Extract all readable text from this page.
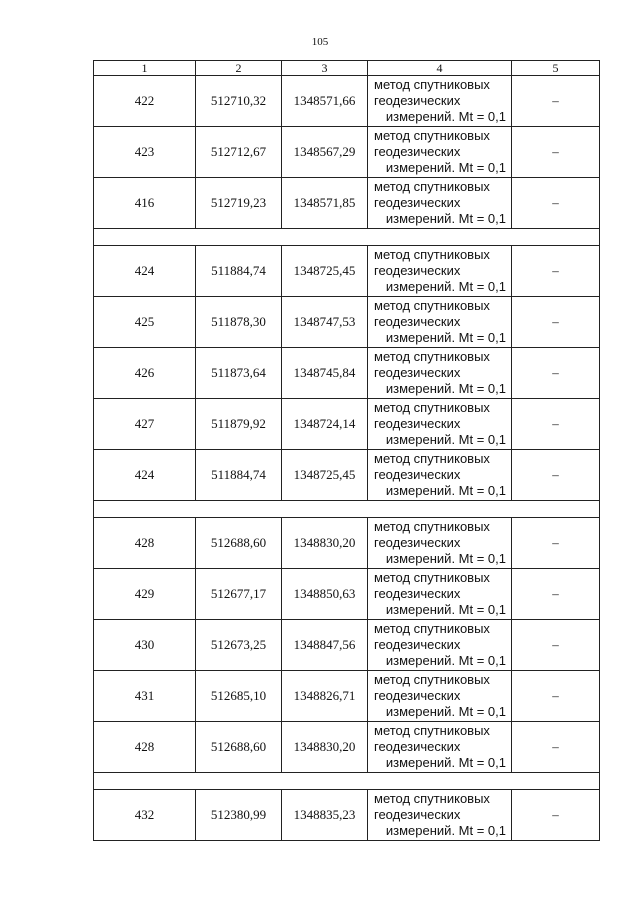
105
1	2	3	4	5
422	512710,32	1348571,66	метод спутниковых
геодезических
измерений. Mt = 0,1	–
423	512712,67	1348567,29	метод спутниковых
геодезических
измерений. Mt = 0,1	–
416	512719,23	1348571,85	метод спутниковых
геодезических
измерений. Mt = 0,1	–

424	511884,74	1348725,45	метод спутниковых
геодезических
измерений. Mt = 0,1	–
425	511878,30	1348747,53	метод спутниковых
геодезических
измерений. Mt = 0,1	–
426	511873,64	1348745,84	метод спутниковых
геодезических
измерений. Mt = 0,1	–
427	511879,92	1348724,14	метод спутниковых
геодезических
измерений. Mt = 0,1	–
424	511884,74	1348725,45	метод спутниковых
геодезических
измерений. Mt = 0,1	–

428	512688,60	1348830,20	метод спутниковых
геодезических
измерений. Mt = 0,1	–
429	512677,17	1348850,63	метод спутниковых
геодезических
измерений. Mt = 0,1	–
430	512673,25	1348847,56	метод спутниковых
геодезических
измерений. Mt = 0,1	–
431	512685,10	1348826,71	метод спутниковых
геодезических
измерений. Mt = 0,1	–
428	512688,60	1348830,20	метод спутниковых
геодезических
измерений. Mt = 0,1	–

432	512380,99	1348835,23	метод спутниковых
геодезических
измерений. Mt = 0,1	–
